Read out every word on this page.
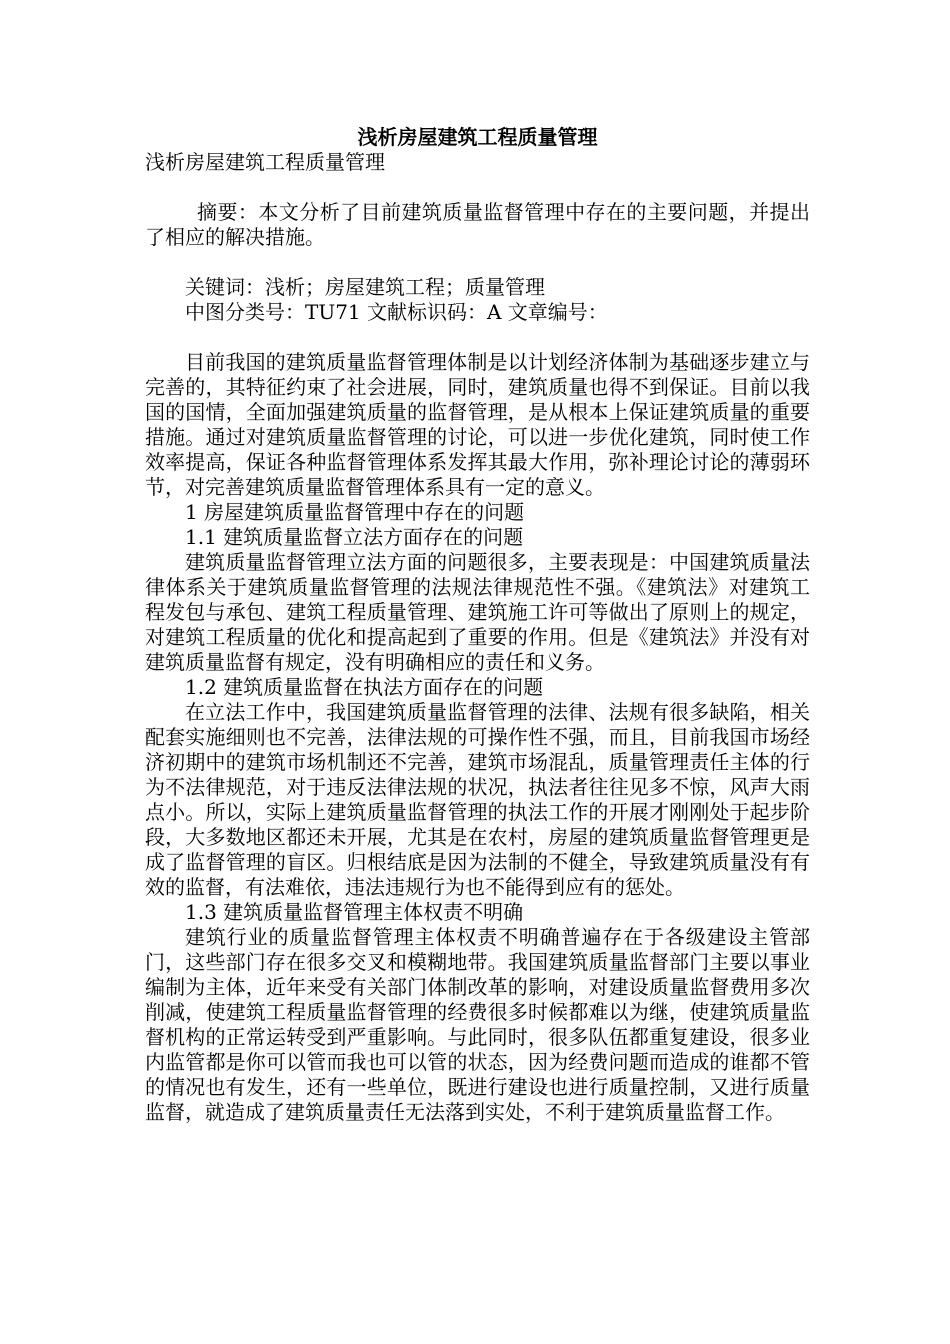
浅析房屋建筑工程质量管理

浅析房屋建筑工程质量管理

摘要：本文分析了目前建筑质量监督管理中存在的主要问题，并提出了相应的解决措施。

关键词：浅析；房屋建筑工程；质量管理

中图分类号：TU71 文献标识码：A 文章编号：

目前我国的建筑质量监督管理体制是以计划经济体制为基础逐步建立与完善的，其特征约束了社会进展，同时，建筑质量也得不到保证。目前以我国的国情，全面加强建筑质量的监督管理，是从根本上保证建筑质量的重要措施。通过对建筑质量监督管理的讨论，可以进一步优化建筑，同时使工作效率提高，保证各种监督管理体系发挥其最大作用，弥补理论讨论的薄弱环节，对完善建筑质量监督管理体系具有一定的意义。

1 房屋建筑质量监督管理中存在的问题

1.1 建筑质量监督立法方面存在的问题

建筑质量监督管理立法方面的问题很多，主要表现是：中国建筑质量法律体系关于建筑质量监督管理的法规法律规范性不强。《建筑法》对建筑工程发包与承包、建筑工程质量管理、建筑施工许可等做出了原则上的规定，对建筑工程质量的优化和提高起到了重要的作用。但是《建筑法》并没有对建筑质量监督有规定，没有明确相应的责任和义务。

1.2 建筑质量监督在执法方面存在的问题

在立法工作中，我国建筑质量监督管理的法律、法规有很多缺陷，相关配套实施细则也不完善，法律法规的可操作性不强，而且，目前我国市场经济初期中的建筑市场机制还不完善，建筑市场混乱，质量管理责任主体的行为不法律规范，对于违反法律法规的状况，执法者往往见多不惊，风声大雨点小。所以，实际上建筑质量监督管理的执法工作的开展才刚刚处于起步阶段，大多数地区都还未开展，尤其是在农村，房屋的建筑质量监督管理更是成了监督管理的盲区。归根结底是因为法制的不健全，导致建筑质量没有有效的监督，有法难依，违法违规行为也不能得到应有的惩处。

1.3 建筑质量监督管理主体权责不明确

建筑行业的质量监督管理主体权责不明确普遍存在于各级建设主管部门，这些部门存在很多交叉和模糊地带。我国建筑质量监督部门主要以事业编制为主体，近年来受有关部门体制改革的影响，对建设质量监督费用多次削减，使建筑工程质量监督管理的经费很多时候都难以为继，使建筑质量监督机构的正常运转受到严重影响。与此同时，很多队伍都重复建设，很多业内监管都是你可以管而我也可以管的状态，因为经费问题而造成的谁都不管的情况也有发生，还有一些单位，既进行建设也进行质量控制，又进行质量监督，就造成了建筑质量责任无法落到实处，不利于建筑质量监督工作。
